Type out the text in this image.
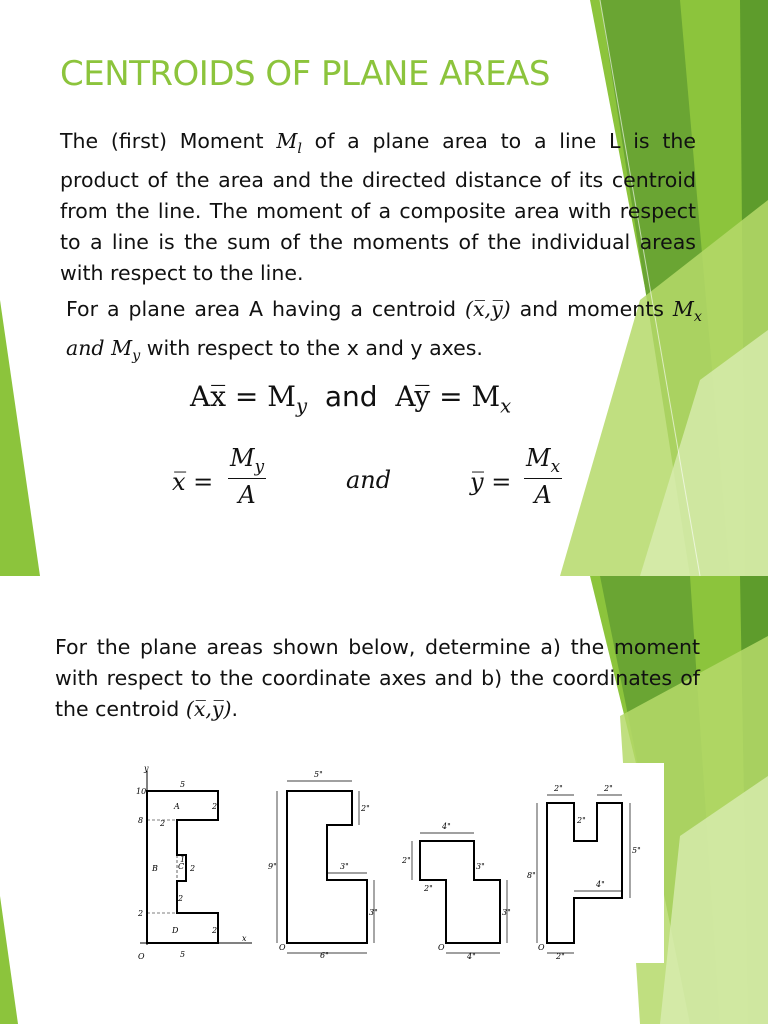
CENTROIDS OF PLANE AREAS
The (first) Moment $M_l$ of a plane area to a line L is the product of the area and the directed distance of its centroid from the line. The moment of a composite area with respect to a line is the sum of the moments of the individual areas with respect to the line.
For a plane area A having a centroid (x̅,y̅) and moments $M_x$ and $M_y$ with respect to the x and y axes.
Ax̅ = $M_y$  and  Ay̅ = $M_x$
x̅ = $\frac{M_y}{A}$	and	y̅ = $\frac{M_x}{A}$
For the plane areas shown below, determine a) the moment with respect to the coordinate axes and b) the coordinates of the centroid (x̅,y̅).
y
x
O
10
8
2
5
5
2
2
1
2
2
2
A
B	C
D
5"
2"
9"	3"
3"
6"
O
4"
2"
3"
2"
3"
4"
O
2"
2"
2"
5"
8"
4"
2"
O
